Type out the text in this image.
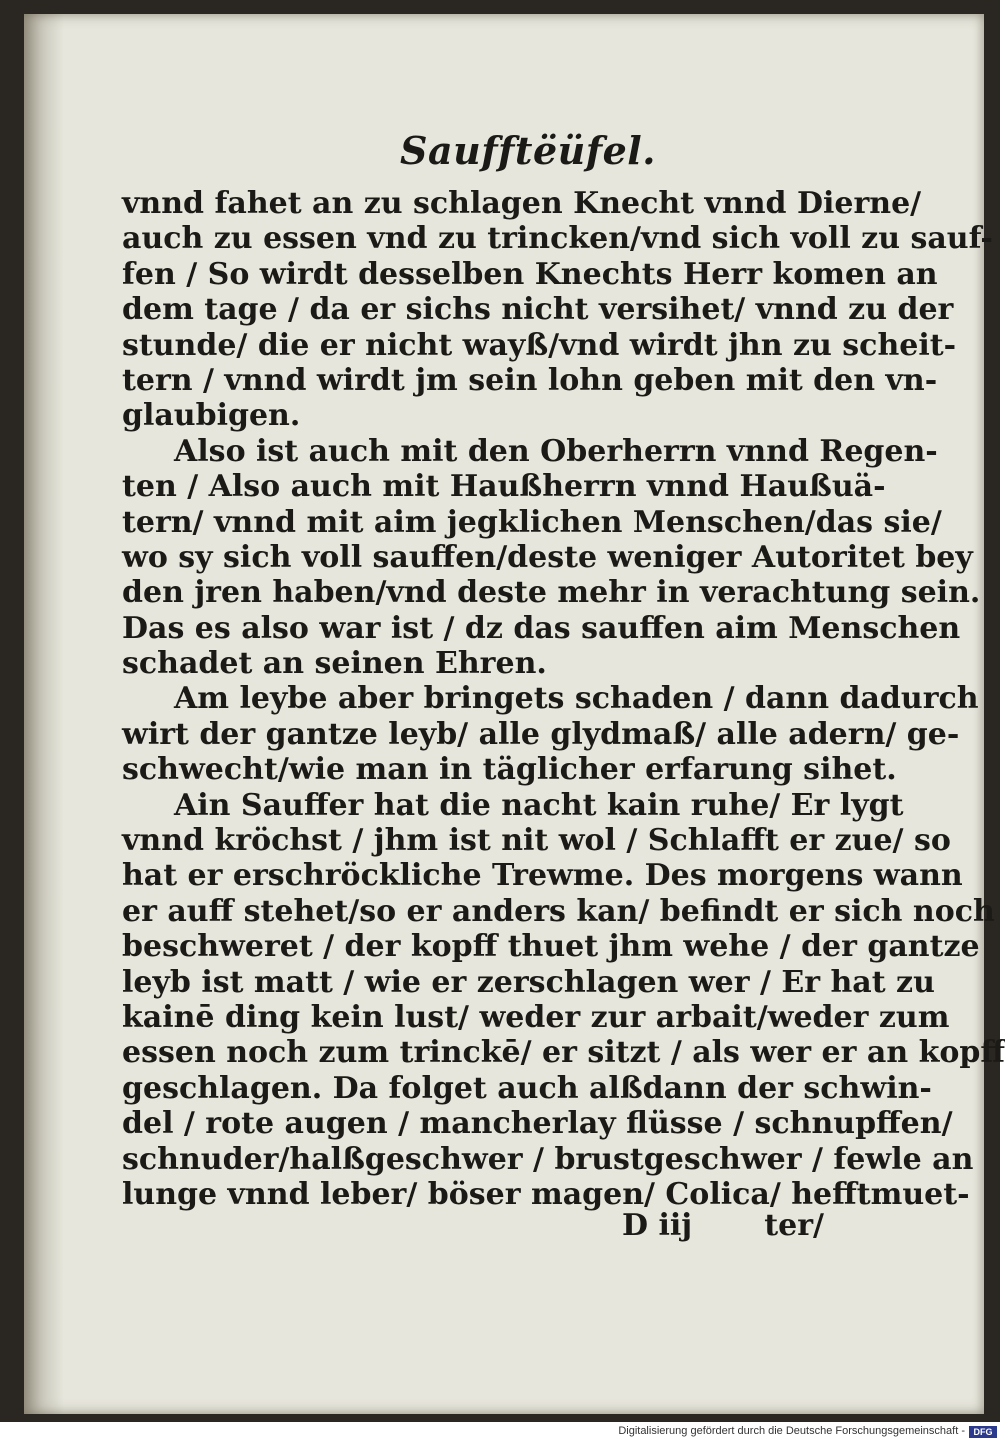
Saufftëüfel.
vnnd fahet an zu schlagen Knecht vnnd Dierne/
auch zu essen vnd zu trincken/vnd sich voll zu sauf-
fen / So wirdt desselben Knechts Herr komen an
dem tage / da er sichs nicht versihet/ vnnd zu der
stunde/ die er nicht wayß/vnd wirdt jhn zu scheit-
tern / vnnd wirdt jm sein lohn geben mit den vn-
glaubigen.
Also ist auch mit den Oberherrn vnnd Regen-
ten / Also auch mit Haußherrn vnnd Haußuä-
tern/ vnnd mit aim jegklichen Menschen/das sie/
wo sy sich voll sauffen/deste weniger Autoritet bey
den jren haben/vnd deste mehr in verachtung sein.
Das es also war ist / dz das sauffen aim Menschen
schadet an seinen Ehren.
Am leybe aber bringets schaden / dann dadurch
wirt der gantze leyb/ alle glydmaß/ alle adern/ ge-
schwecht/wie man in täglicher erfarung sihet.
Ain Sauffer hat die nacht kain ruhe/ Er lygt
vnnd kröchst / jhm ist nit wol / Schlafft er zue/ so
hat er erschröckliche Trewme. Des morgens wann
er auff stehet/so er anders kan/ befindt er sich noch
beschweret / der kopff thuet jhm wehe / der gantze
leyb ist matt / wie er zerschlagen wer / Er hat zu
kainē ding kein lust/ weder zur arbait/weder zum
essen noch zum trinckē/ er sitzt / als wer er an kopff
geschlagen. Da folget auch alßdann der schwin-
del / rote augen / mancherlay flüsse / schnupffen/
schnuder/halßgeschwer / brustgeschwer / fewle an
lunge vnnd leber/ böser magen/ Colica/ hefftmuet-
D iij ter/
Digitalisierung gefördert durch die Deutsche Forschungsgemeinschaft - DFG
